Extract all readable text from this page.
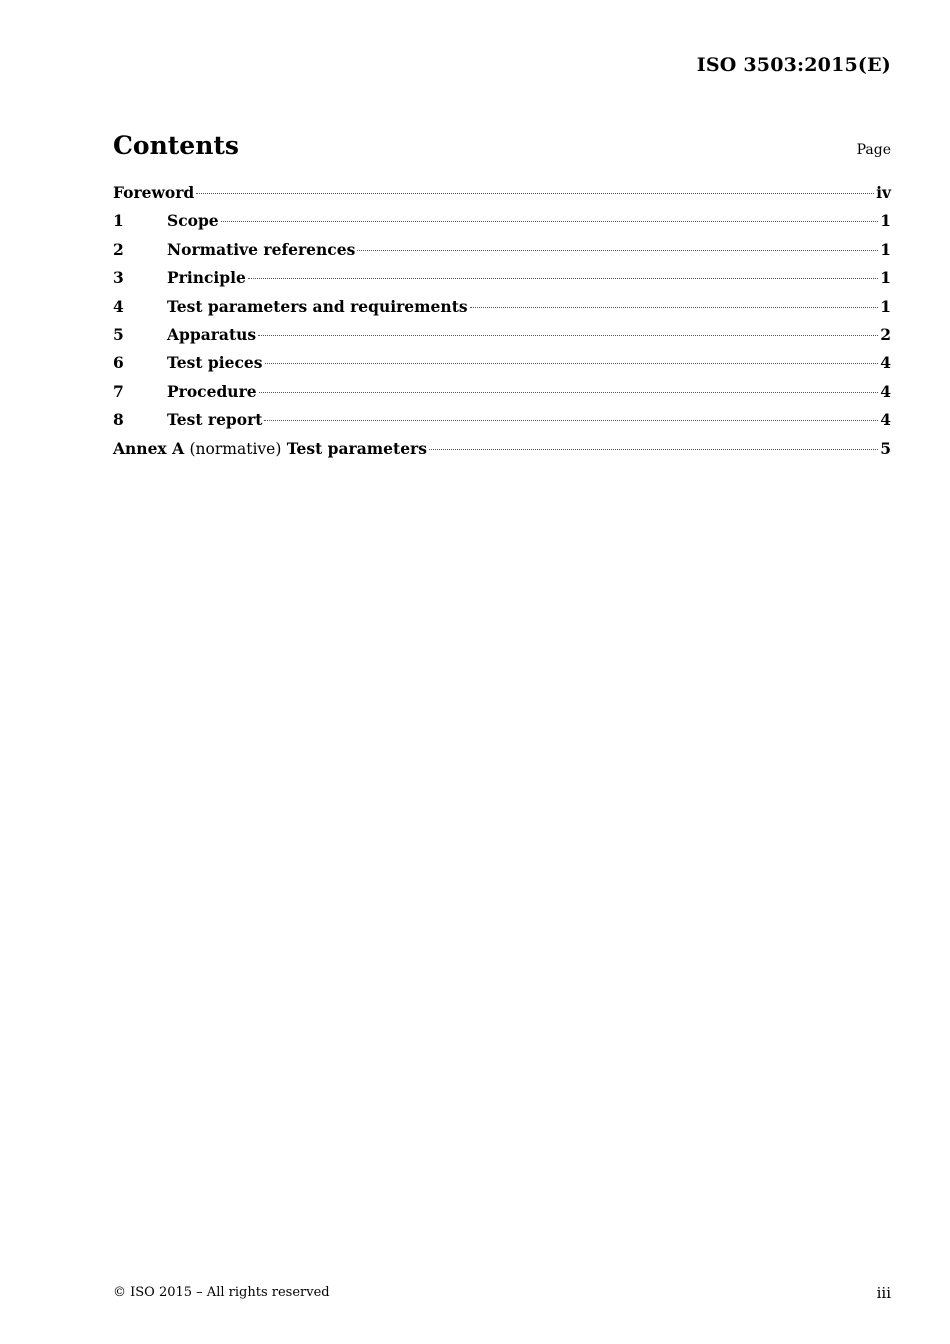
ISO 3503:2015(E)
Contents	Page
Foreword	iv
1	Scope	1
2	Normative references	1
3	Principle	1
4	Test parameters and requirements	1
5	Apparatus	2
6	Test pieces	4
7	Procedure	4
8	Test report	4
Annex A (normative) Test parameters	5
© ISO 2015 – All rights reserved	iii
